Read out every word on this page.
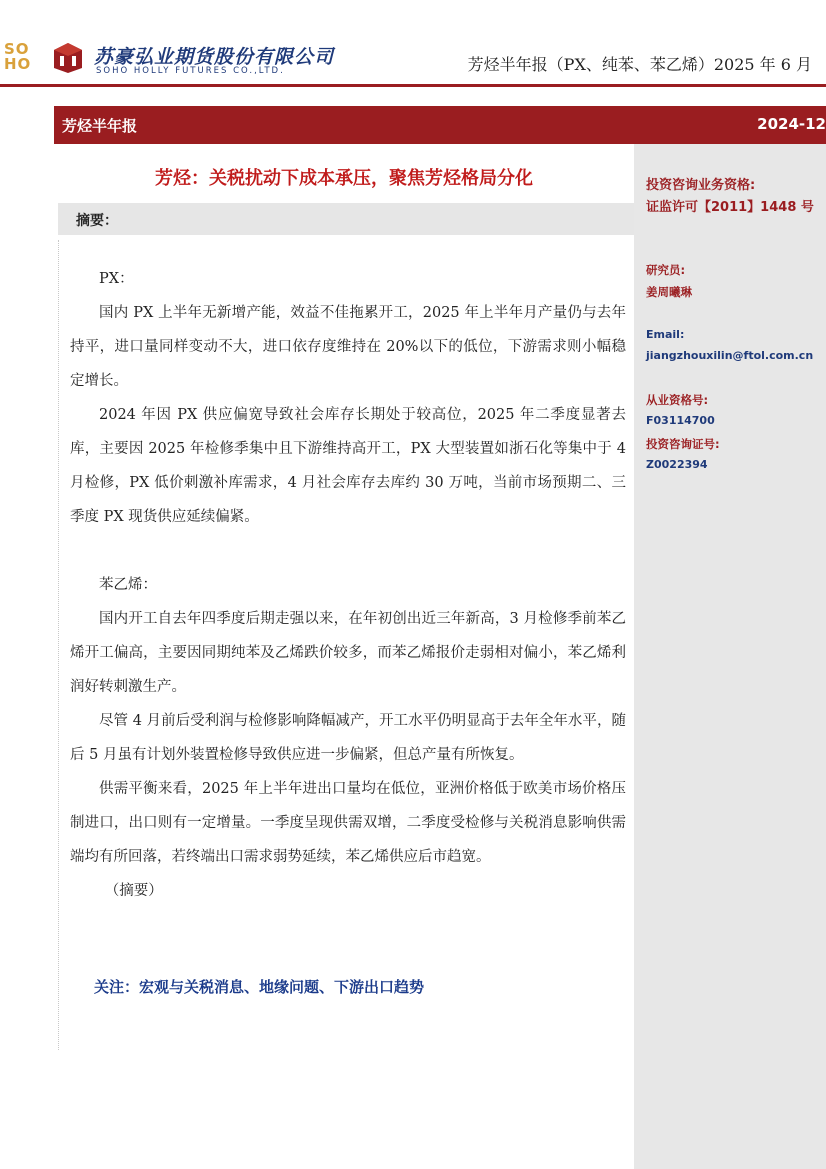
SO
HO	苏豪弘业期货股份有限公司
SOHO HOLLY FUTURES CO.,LTD.	芳烃半年报（PX、纯苯、苯乙烯）2025 年 6 月
芳烃半年报	2024-12
芳烃：关税扰动下成本承压，聚焦芳烃格局分化
摘要：

PX：

国内 PX 上半年无新增产能，效益不佳拖累开工，2025 年上半年月产量仍与去年持平，进口量同样变动不大，进口依存度维持在 20%以下的低位，下游需求则小幅稳定增长。

2024 年因 PX 供应偏宽导致社会库存长期处于较高位，2025 年二季度显著去库，主要因 2025 年检修季集中且下游维持高开工，PX 大型装置如浙石化等集中于 4 月检修，PX 低价刺激补库需求，4 月社会库存去库约 30 万吨，当前市场预期二、三季度 PX 现货供应延续偏紧。

苯乙烯：

国内开工自去年四季度后期走强以来，在年初创出近三年新高，3 月检修季前苯乙烯开工偏高，主要因同期纯苯及乙烯跌价较多，而苯乙烯报价走弱相对偏小，苯乙烯利润好转刺激生产。

尽管 4 月前后受利润与检修影响降幅减产，开工水平仍明显高于去年全年水平，随后 5 月虽有计划外装置检修导致供应进一步偏紧，但总产量有所恢复。

供需平衡来看，2025 年上半年进出口量均在低位，亚洲价格低于欧美市场价格压制进口，出口则有一定增量。一季度呈现供需双增，二季度受检修与关税消息影响供需端均有所回落，若终端出口需求弱势延续，苯乙烯供应后市趋宽。

（摘要）

关注：宏观与关税消息、地缘问题、下游出口趋势
投资咨询业务资格:
证监许可【2011】1448 号
研究员:
姜周曦琳
Email:
jiangzhouxilin@ftol.com.cn
从业资格号:
F03114700
投资咨询证号:
Z0022394
